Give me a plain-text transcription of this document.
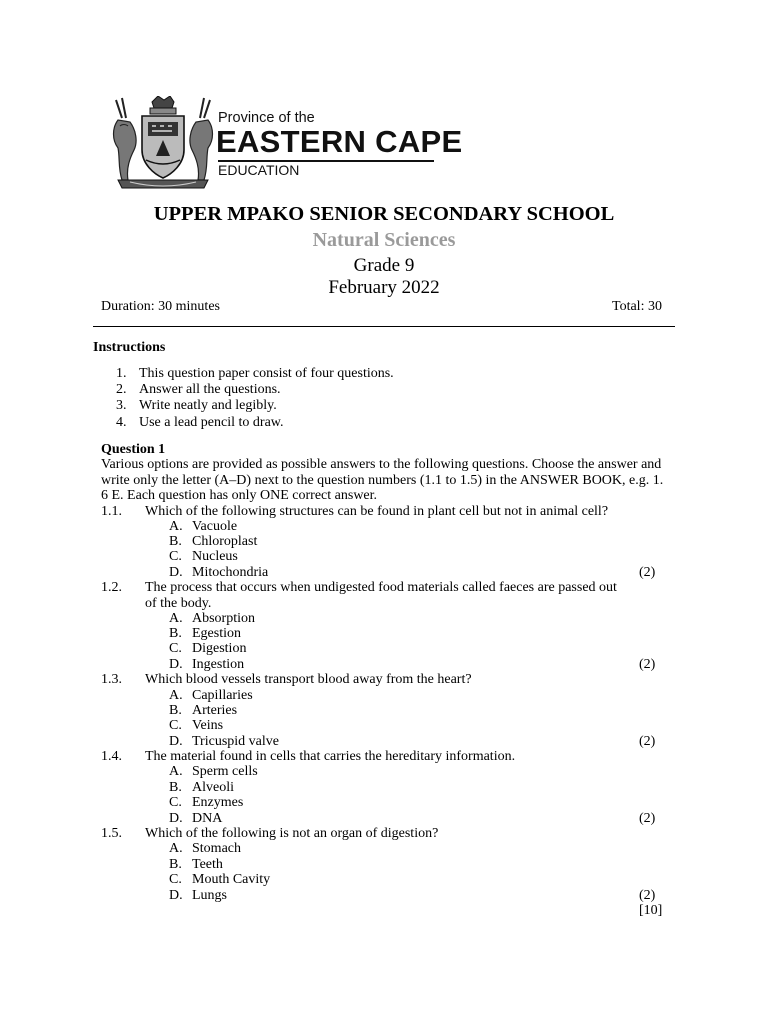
Province of the
EASTERN CAPE
EDUCATION
UPPER MPAKO SENIOR SECONDARY SCHOOL
Natural Sciences
Grade 9
February 2022
Duration: 30 minutes	Total: 30
Instructions
1. This question paper consist of four questions.
2. Answer all the questions.
3. Write neatly and legibly.
4. Use a lead pencil to draw.
Question 1
Various options are provided as possible answers to the following questions. Choose the answer and write only the letter (A–D) next to the question numbers (1.1 to 1.5) in the ANSWER BOOK, e.g. 1. 6 E. Each question has only ONE correct answer.
1.1. Which of the following structures can be found in plant cell but not in animal cell?
A. Vacuole
B. Chloroplast
C. Nucleus
D. Mitochondria	(2)
1.2. The process that occurs when undigested food materials called faeces are passed out
of the body.
A. Absorption
B. Egestion
C. Digestion
D. Ingestion	(2)
1.3. Which blood vessels transport blood away from the heart?
A. Capillaries
B. Arteries
C. Veins
D. Tricuspid valve	(2)
1.4. The material found in cells that carries the hereditary information.
A. Sperm cells
B. Alveoli
C. Enzymes
D. DNA	(2)
1.5. Which of the following is not an organ of digestion?
A. Stomach
B. Teeth
C. Mouth Cavity
D. Lungs	(2)
[10]
